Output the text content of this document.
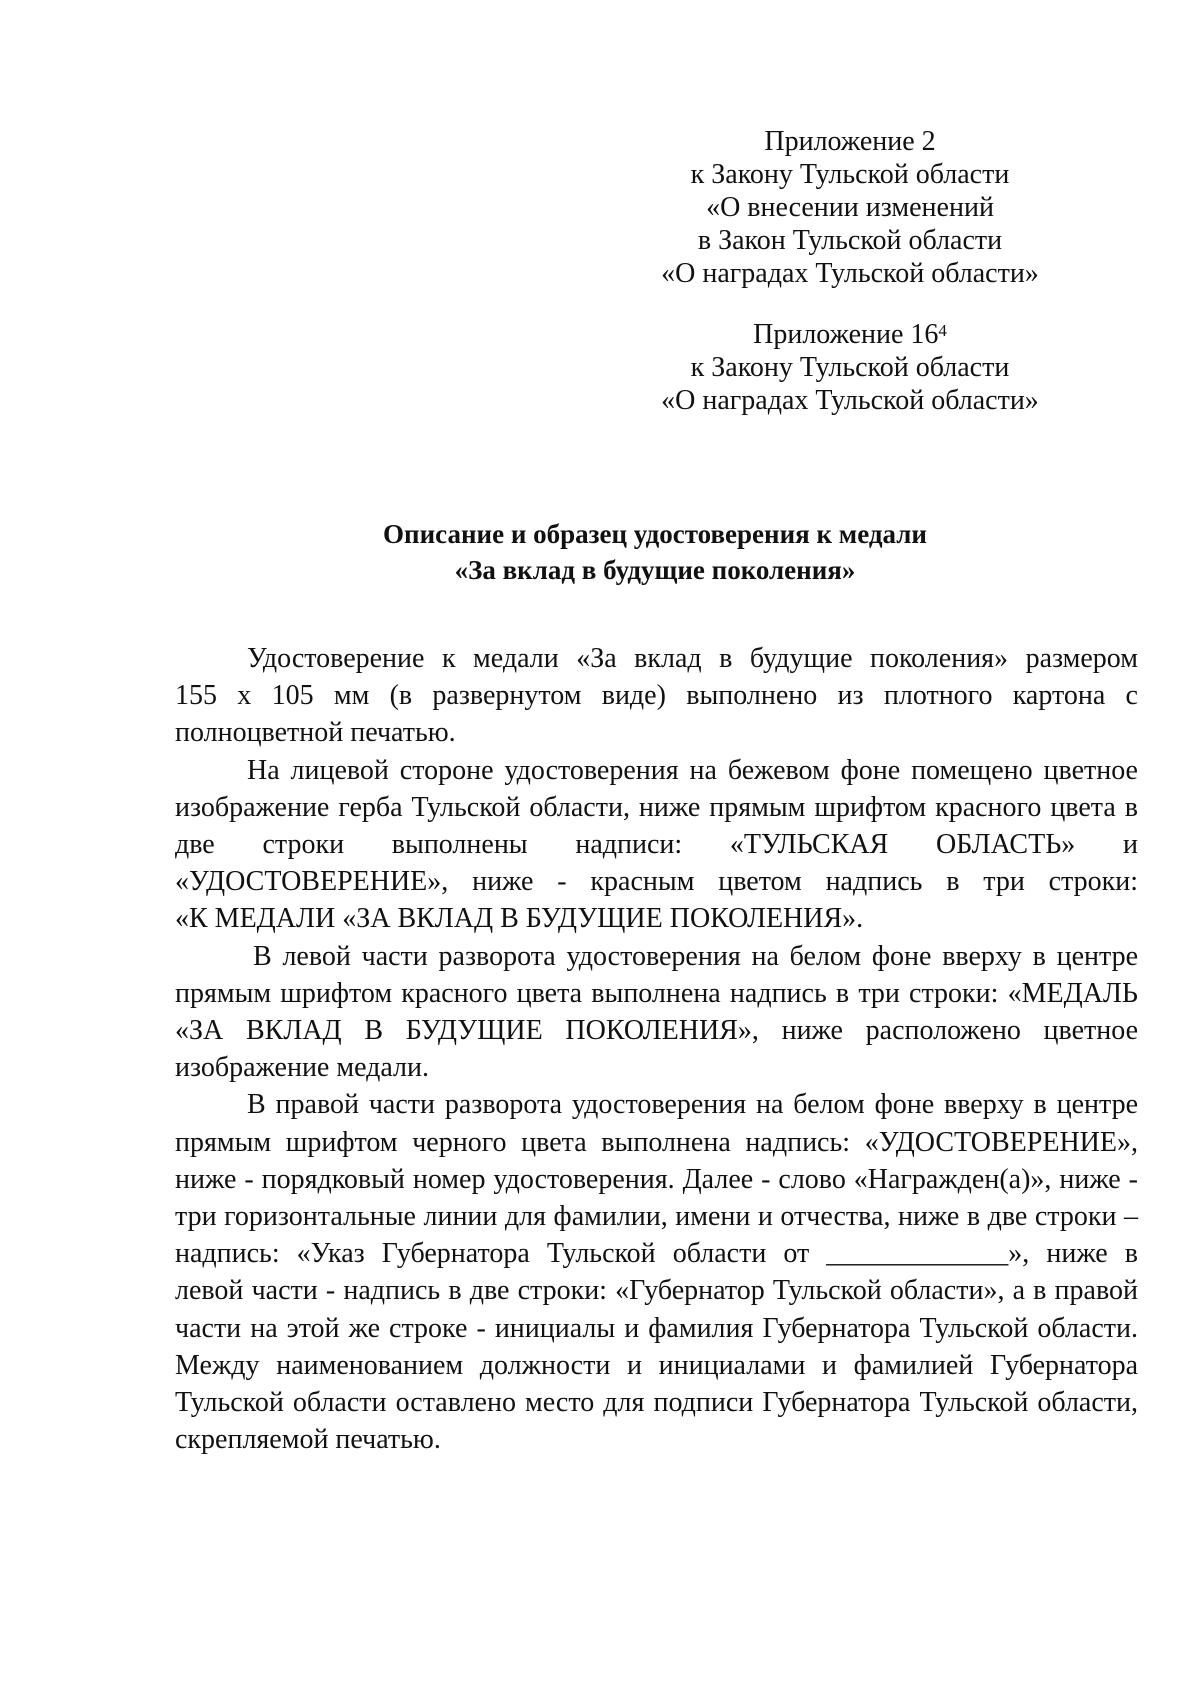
Приложение 2
к Закону Тульской области
«О внесении изменений
в Закон Тульской области
«О наградах Тульской области»
Приложение $16^4$
к Закону Тульской области
«О наградах Тульской области»
Описание и образец удостоверения к медали
«За вклад в будущие поколения»
Удостоверение к медали «За вклад в будущие поколения» размером
155 х 105 мм (в развернутом виде) выполнено из плотного картона с
полноцветной печатью.
На лицевой стороне удостоверения на бежевом фоне помещено цветное
изображение герба Тульской области, ниже прямым шрифтом красного цвета в
две строки выполнены надписи: «ТУЛЬСКАЯ ОБЛАСТЬ» и
«УДОСТОВЕРЕНИЕ», ниже - красным цветом надпись в три строки:
«К МЕДАЛИ «ЗА ВКЛАД В БУДУЩИЕ ПОКОЛЕНИЯ».
В левой части разворота удостоверения на белом фоне вверху в центре
прямым шрифтом красного цвета выполнена надпись в три строки: «МЕДАЛЬ
«ЗА ВКЛАД В БУДУЩИЕ ПОКОЛЕНИЯ», ниже расположено цветное
изображение медали.
В правой части разворота удостоверения на белом фоне вверху в центре
прямым шрифтом черного цвета выполнена надпись: «УДОСТОВЕРЕНИЕ»,
ниже - порядковый номер удостоверения. Далее - слово «Награжден(а)», ниже -
три горизонтальные линии для фамилии, имени и отчества, ниже в две строки –
надпись: «Указ Губернатора Тульской области от _____________», ниже в
левой части - надпись в две строки: «Губернатор Тульской области», а в правой
части на этой же строке - инициалы и фамилия Губернатора Тульской области.
Между наименованием должности и инициалами и фамилией Губернатора
Тульской области оставлено место для подписи Губернатора Тульской области,
скрепляемой печатью.
